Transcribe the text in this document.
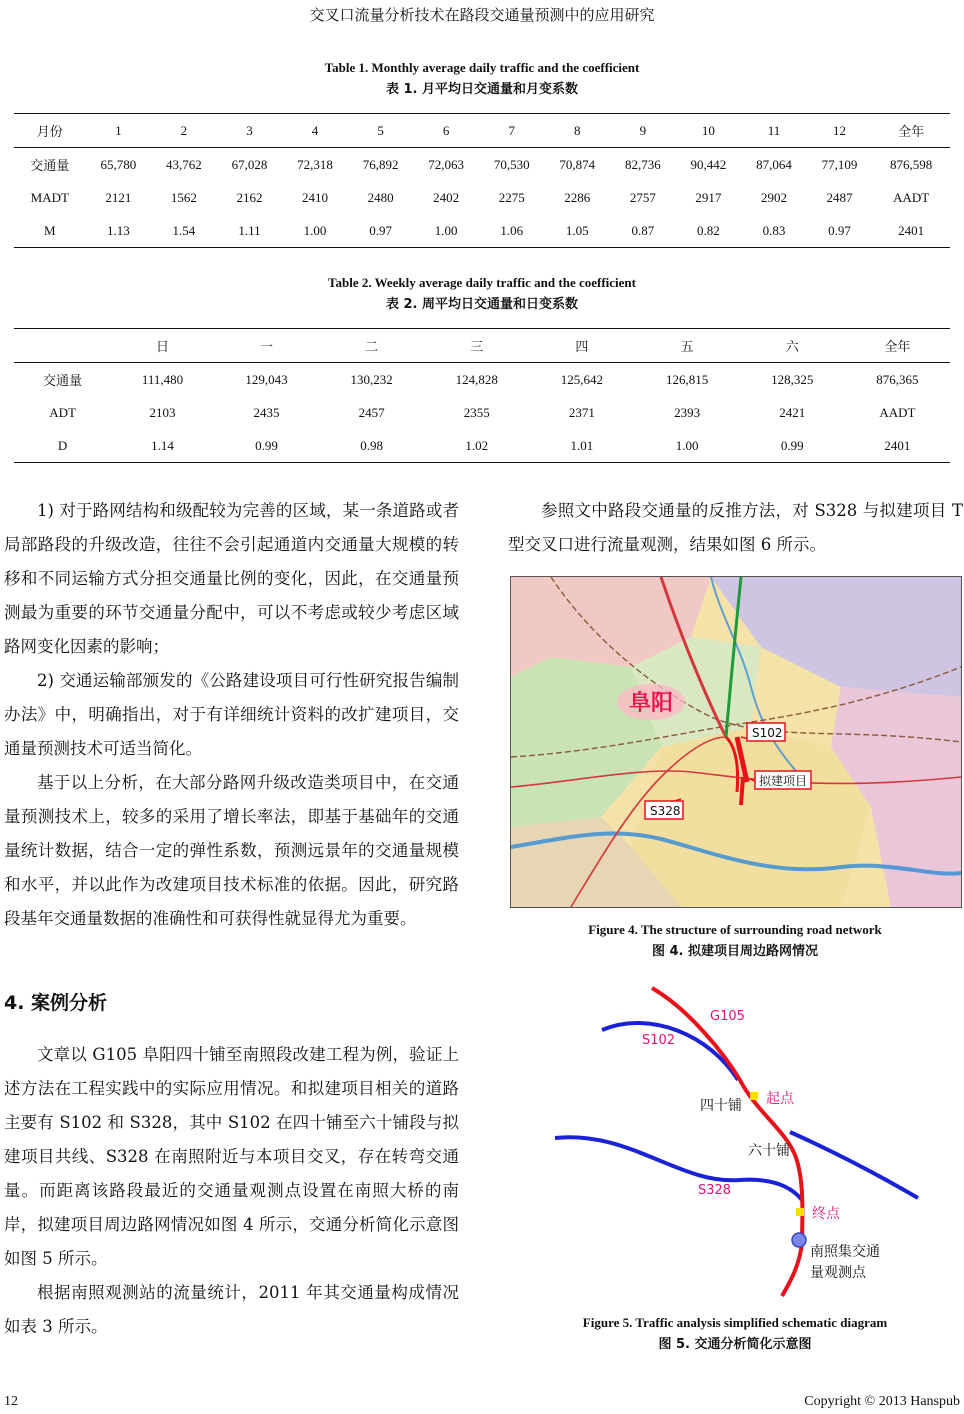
交叉口流量分析技术在路段交通量预测中的应用研究
Table 1. Monthly average daily traffic and the coefficient
表 1. 月平均日交通量和月变系数
月份	1	2	3	4	5	6	7	8	9	10	11	12	全年
交通量	65,780	43,762	67,028	72,318	76,892	72,063	70,530	70,874	82,736	90,442	87,064	77,109	876,598
MADT	2121	1562	2162	2410	2480	2402	2275	2286	2757	2917	2902	2487	AADT
M	1.13	1.54	1.11	1.00	0.97	1.00	1.06	1.05	0.87	0.82	0.83	0.97	2401
Table 2. Weekly average daily traffic and the coefficient
表 2. 周平均日交通量和日变系数
	日	一	二	三	四	五	六	全年
交通量	111,480	129,043	130,232	124,828	125,642	126,815	128,325	876,365
ADT	2103	2435	2457	2355	2371	2393	2421	AADT
D	1.14	0.99	0.98	1.02	1.01	1.00	0.99	2401

1) 对于路网结构和级配较为完善的区域，某一条道路或者局部路段的升级改造，往往不会引起通道内交通量大规模的转移和不同运输方式分担交通量比例的变化，因此，在交通量预测最为重要的环节交通量分配中，可以不考虑或较少考虑区域路网变化因素的影响；

2) 交通运输部颁发的《公路建设项目可行性研究报告编制办法》中，明确指出，对于有详细统计资料的改扩建项目，交通量预测技术可适当简化。

基于以上分析，在大部分路网升级改造类项目中，在交通量预测技术上，较多的采用了增长率法，即基于基础年的交通量统计数据，结合一定的弹性系数，预测远景年的交通量规模和水平，并以此作为改建项目技术标准的依据。因此，研究路段基年交通量数据的准确性和可获得性就显得尤为重要。

4. 案例分析

文章以 G105 阜阳四十铺至南照段改建工程为例，验证上述方法在工程实践中的实际应用情况。和拟建项目相关的道路主要有 S102 和 S328，其中 S102 在四十铺至六十铺段与拟建项目共线、S328 在南照附近与本项目交叉，存在转弯交通量。而距离该路段最近的交通量观测点设置在南照大桥的南岸，拟建项目周边路网情况如图 4 所示，交通分析简化示意图如图 5 所示。

根据南照观测站的流量统计，2011 年其交通量构成情况如表 3 所示。

参照文中路段交通量的反推方法，对 S328 与拟建项目 T 型交叉口进行流量观测，结果如图 6 所示。

阜阳
S102
拟建项目
S328
Figure 4. The structure of surrounding road network
图 4. 拟建项目周边路网情况
G105
S102
起点
四十铺
六十铺
S328
终点
南照集交通
量观测点
Figure 5. Traffic analysis simplified schematic diagram
图 5. 交通分析简化示意图
12	Copyright © 2013 Hanspub
